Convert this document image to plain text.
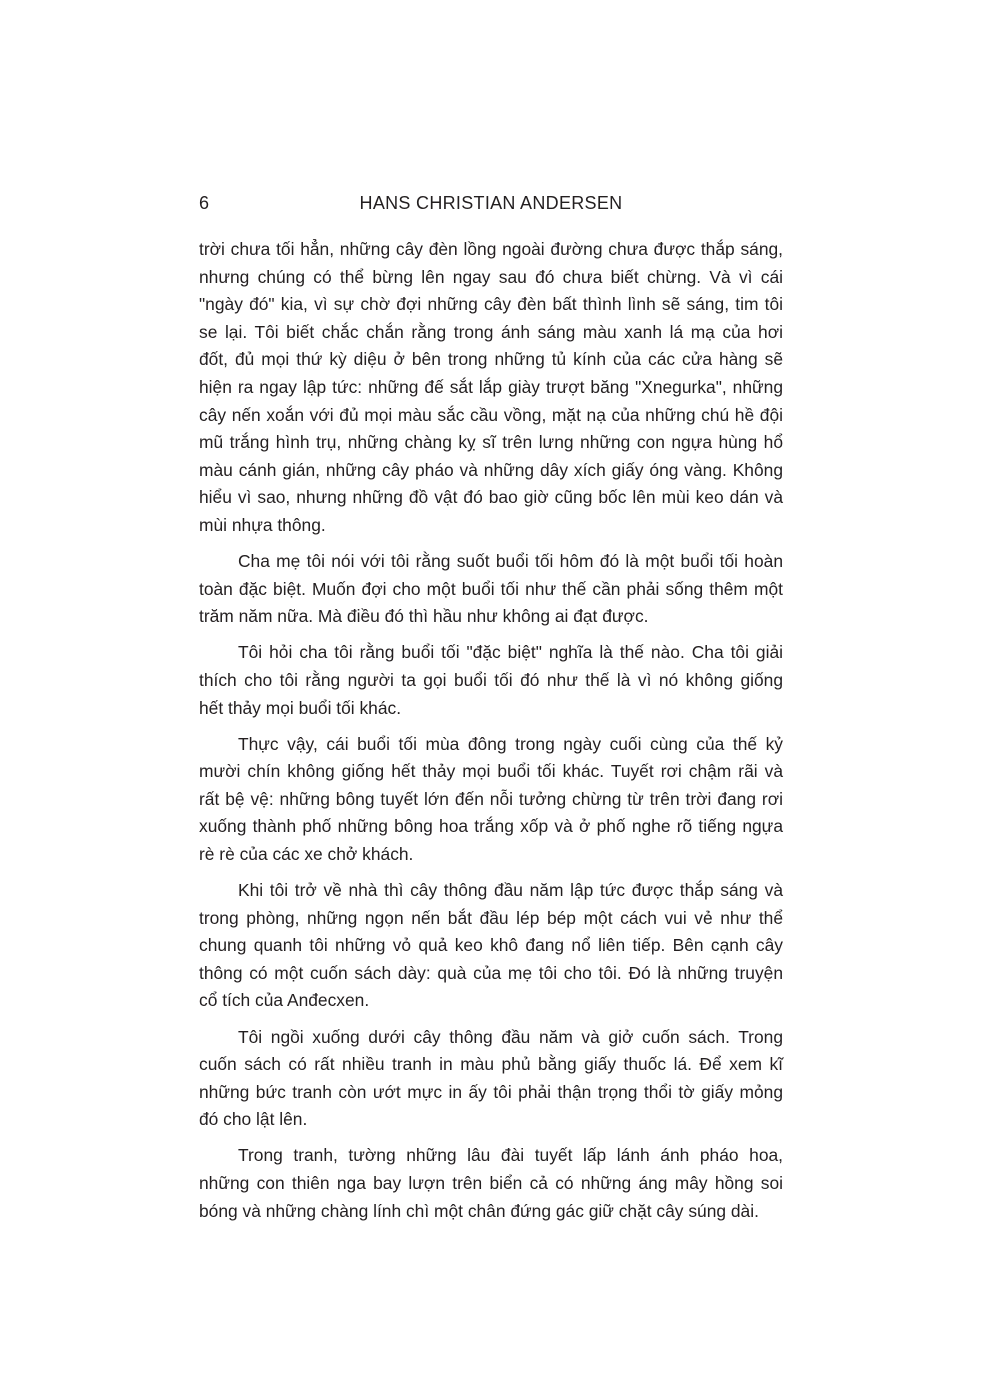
6	HANS CHRISTIAN ANDERSEN
trời chưa tối hẳn, những cây đèn lồng ngoài đường chưa được thắp sáng,
nhưng chúng có thể bừng lên ngay sau đó chưa biết chừng. Và vì cái
"ngày đó" kia, vì sự chờ đợi những cây đèn bất thình lình sẽ sáng, tim tôi
se lại. Tôi biết chắc chắn rằng trong ánh sáng màu xanh lá mạ của hơi
đốt, đủ mọi thứ kỳ diệu ở bên trong những tủ kính của các cửa hàng sẽ
hiện ra ngay lập tức: những đế sắt lắp giày trượt băng "Xnegurka", những
cây nến xoắn với đủ mọi màu sắc cầu vồng, mặt nạ của những chú hề đội
mũ trắng hình trụ, những chàng kỵ sĩ trên lưng những con ngựa hùng hổ
màu cánh gián, những cây pháo và những dây xích giấy óng vàng. Không
hiểu vì sao, nhưng những đồ vật đó bao giờ cũng bốc lên mùi keo dán và
mùi nhựa thông.
Cha mẹ tôi nói với tôi rằng suốt buổi tối hôm đó là một buổi tối hoàn
toàn đặc biệt. Muốn đợi cho một buổi tối như thế cần phải sống thêm một
trăm năm nữa. Mà điều đó thì hầu như không ai đạt được.
Tôi hỏi cha tôi rằng buổi tối "đặc biệt" nghĩa là thế nào. Cha tôi giải
thích cho tôi rằng người ta gọi buổi tối đó như thế là vì nó không giống
hết thảy mọi buổi tối khác.
Thực vậy, cái buổi tối mùa đông trong ngày cuối cùng của thế kỷ
mười chín không giống hết thảy mọi buổi tối khác. Tuyết rơi chậm rãi và
rất bệ vệ: những bông tuyết lớn đến nỗi tưởng chừng từ trên trời đang rơi
xuống thành phố những bông hoa trắng xốp và ở phố nghe rõ tiếng ngựa
rè rè của các xe chở khách.
Khi tôi trở về nhà thì cây thông đầu năm lập tức được thắp sáng và
trong phòng, những ngọn nến bắt đầu lép bép một cách vui vẻ như thể
chung quanh tôi những vỏ quả keo khô đang nổ liên tiếp. Bên cạnh cây
thông có một cuốn sách dày: quà của mẹ tôi cho tôi. Đó là những truyện
cổ tích của Anđecxen.
Tôi ngồi xuống dưới cây thông đầu năm và giở cuốn sách. Trong
cuốn sách có rất nhiều tranh in màu phủ bằng giấy thuốc lá. Để xem kĩ
những bức tranh còn ướt mực in ấy tôi phải thận trọng thổi tờ giấy mỏng
đó cho lật lên.
Trong tranh, tường những lâu đài tuyết lấp lánh ánh pháo hoa,
những con thiên nga bay lượn trên biển cả có những áng mây hồng soi
bóng và những chàng lính chì một chân đứng gác giữ chặt cây súng dài.
